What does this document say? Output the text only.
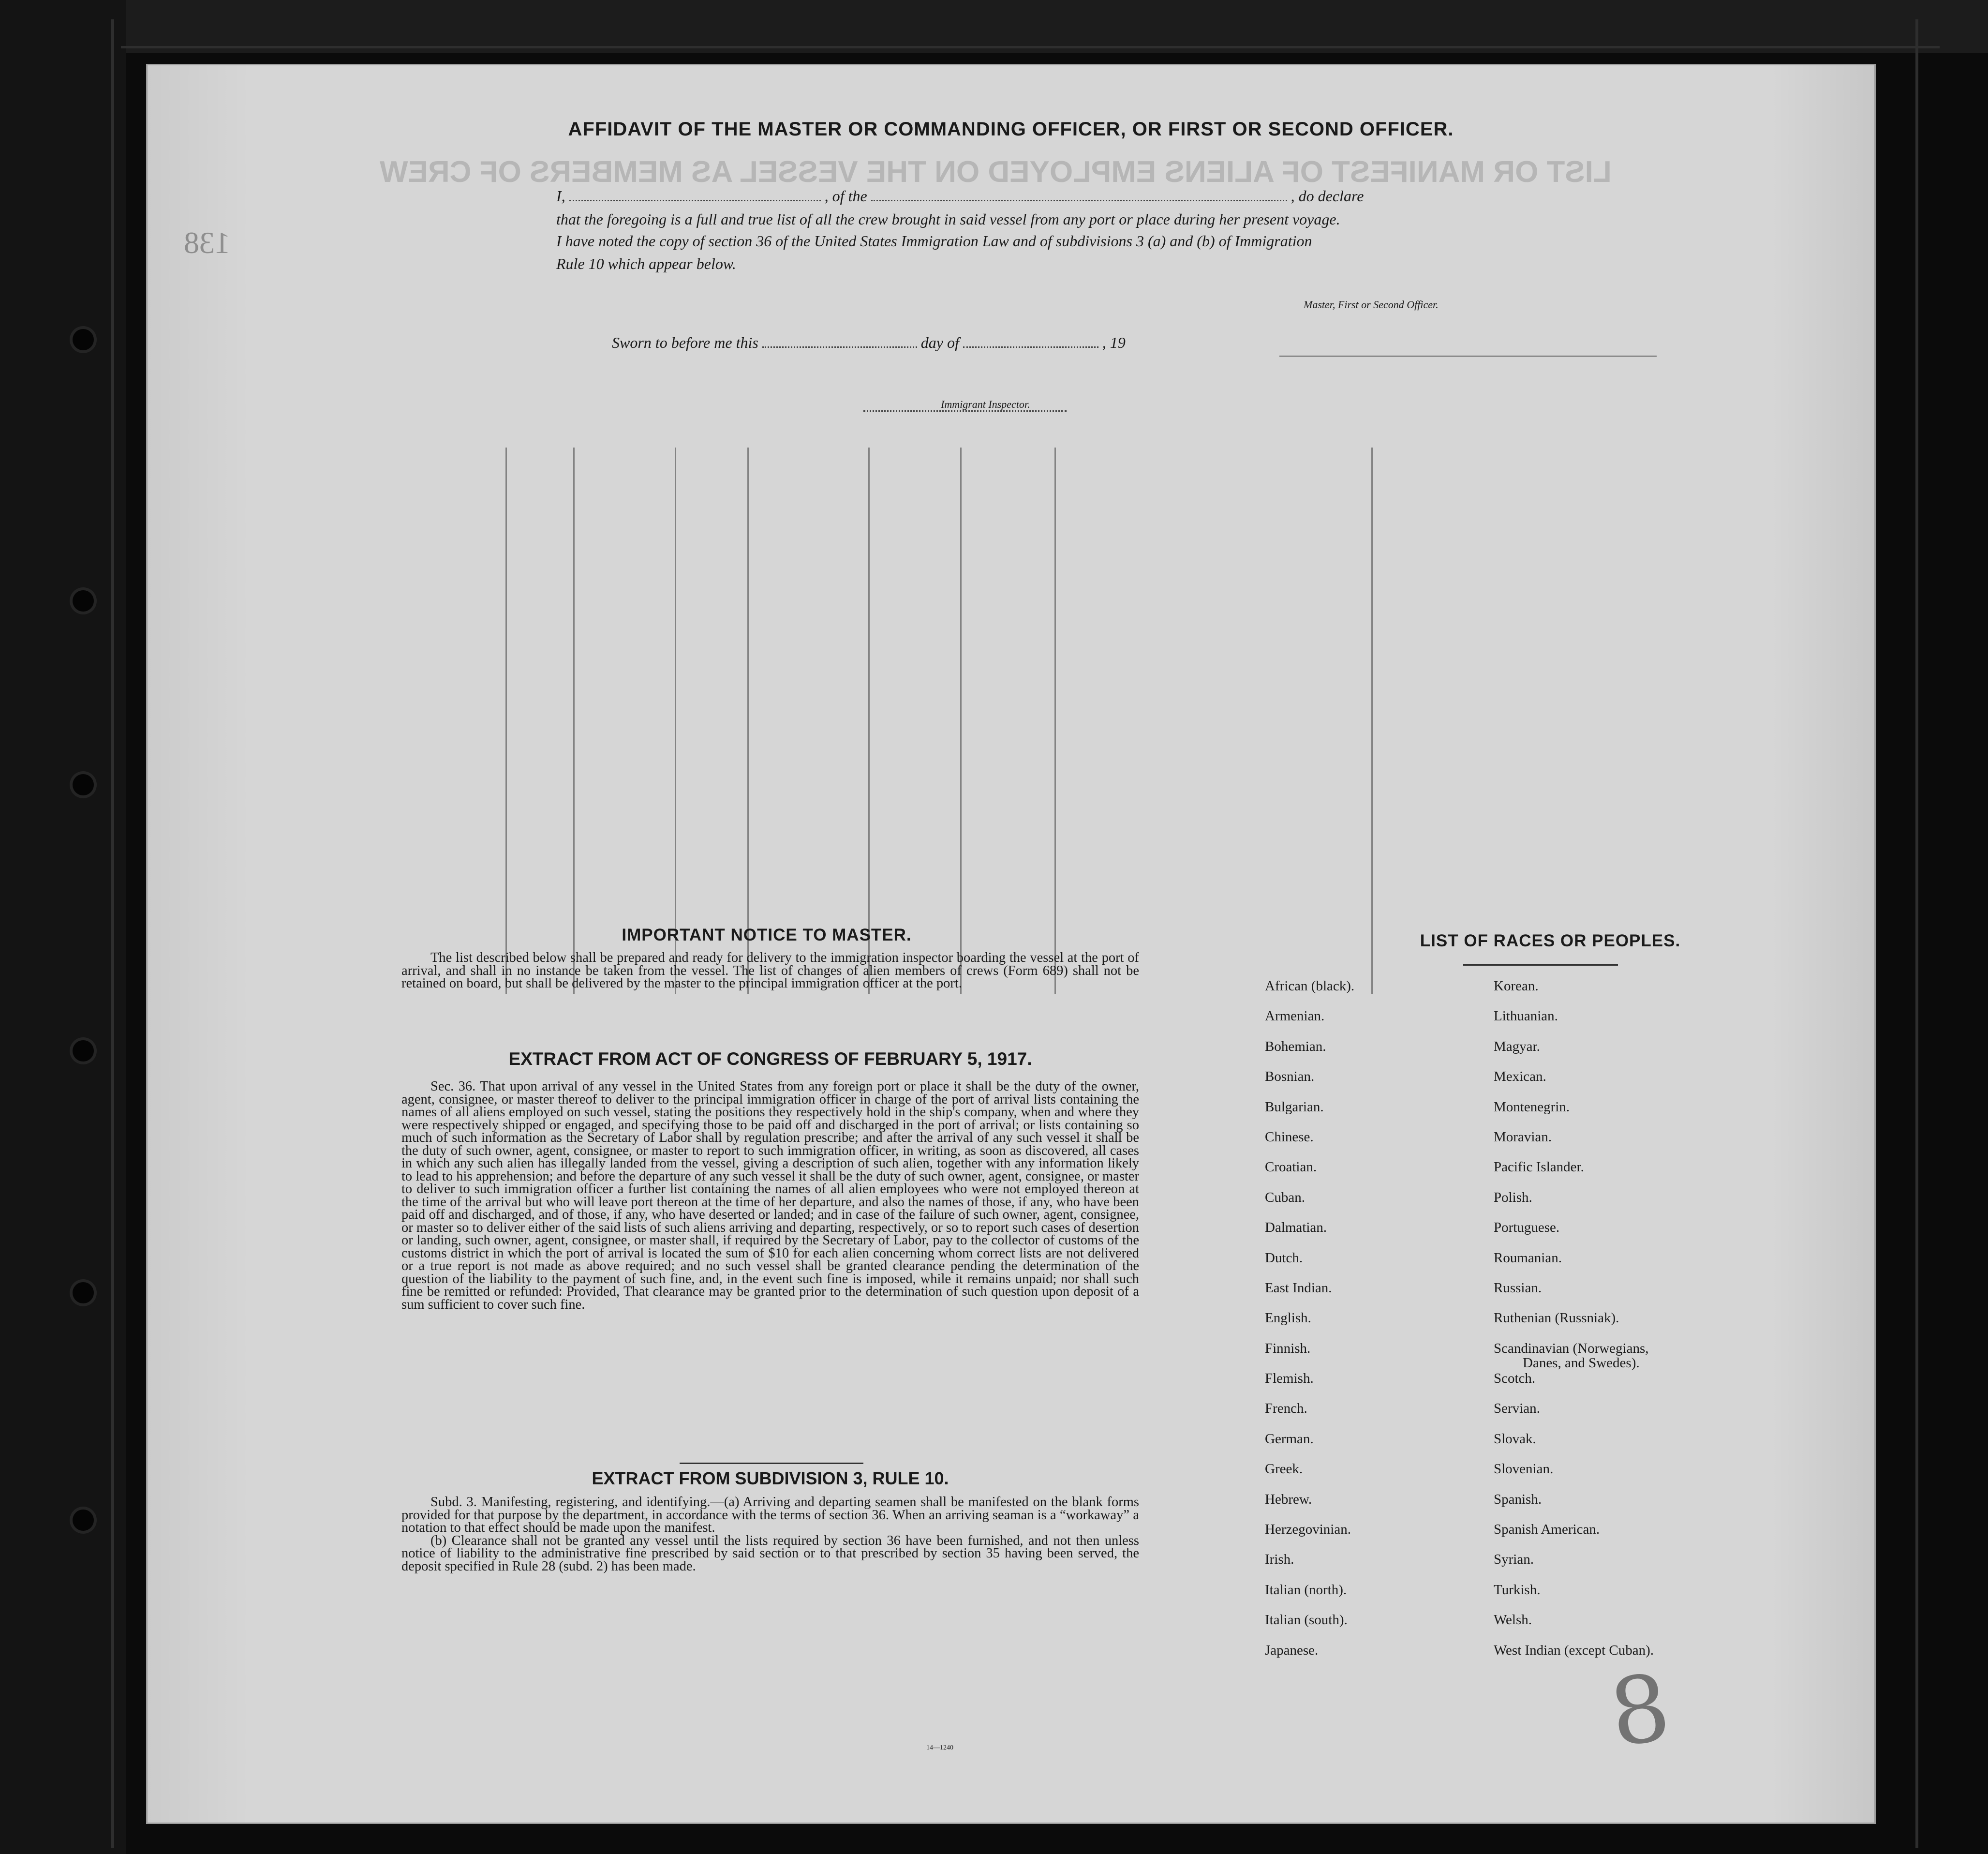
LIST OR MANIFEST OF ALIENS EMPLOYED ON THE VESSEL AS MEMBERS OF CREW
AFFIDAVIT OF THE MASTER OR COMMANDING OFFICER, OR FIRST OR SECOND OFFICER.
I,	, of the	, do declare
that the foregoing is a full and true list of all the crew brought in said vessel from any port or place during her present voyage.
I have noted the copy of section 36 of the United States Immigration Law and of subdivisions 3 (a) and (b) of Immigration
Rule 10 which appear below.
Master, First or Second Officer.
Sworn to before me this	day of	, 19
Immigrant Inspector.
IMPORTANT NOTICE TO MASTER.

The list described below shall be prepared and ready for delivery to the immigration inspector boarding the vessel at the port of arrival, and shall in no instance be taken from the vessel. The list of changes of alien members of crews (Form 689) shall not be retained on board, but shall be delivered by the master to the principal immigration officer at the port.

EXTRACT FROM ACT OF CONGRESS OF FEBRUARY 5, 1917.

Sec. 36. That upon arrival of any vessel in the United States from any foreign port or place it shall be the duty of the owner, agent, consignee, or master thereof to deliver to the principal immigration officer in charge of the port of arrival lists containing the names of all aliens employed on such vessel, stating the positions they respectively hold in the ship's company, when and where they were respectively shipped or engaged, and specifying those to be paid off and discharged in the port of arrival; or lists containing so much of such information as the Secretary of Labor shall by regulation prescribe; and after the arrival of any such vessel it shall be the duty of such owner, agent, consignee, or master to report to such immigration officer, in writing, as soon as discovered, all cases in which any such alien has illegally landed from the vessel, giving a description of such alien, together with any information likely to lead to his apprehension; and before the departure of any such vessel it shall be the duty of such owner, agent, consignee, or master to deliver to such immigration officer a further list containing the names of all alien employees who were not employed thereon at the time of the arrival but who will leave port thereon at the time of her departure, and also the names of those, if any, who have been paid off and discharged, and of those, if any, who have deserted or landed; and in case of the failure of such owner, agent, consignee, or master so to deliver either of the said lists of such aliens arriving and departing, respectively, or so to report such cases of desertion or landing, such owner, agent, consignee, or master shall, if required by the Secretary of Labor, pay to the collector of customs of the customs district in which the port of arrival is located the sum of $10 for each alien concerning whom correct lists are not delivered or a true report is not made as above required; and no such vessel shall be granted clearance pending the determination of the question of the liability to the payment of such fine, and, in the event such fine is imposed, while it remains unpaid; nor shall such fine be remitted or refunded: Provided, That clearance may be granted prior to the determination of such question upon deposit of a sum sufficient to cover such fine.

EXTRACT FROM SUBDIVISION 3, RULE 10.

Subd. 3. Manifesting, registering, and identifying.—(a) Arriving and departing seamen shall be manifested on the blank forms provided for that purpose by the department, in accordance with the terms of section 36. When an arriving seaman is a “workaway” a notation to that effect should be made upon the manifest.

(b) Clearance shall not be granted any vessel until the lists required by section 36 have been furnished, and not then unless notice of liability to the administrative fine prescribed by said section or to that prescribed by section 35 having been served, the deposit specified in Rule 28 (subd. 2) has been made.

14—1240
LIST OF RACES OR PEOPLES.
African (black).
Armenian.
Bohemian.
Bosnian.
Bulgarian.
Chinese.
Croatian.
Cuban.
Dalmatian.
Dutch.
East Indian.
English.
Finnish.
Flemish.
French.
German.
Greek.
Hebrew.
Herzegovinian.
Irish.
Italian (north).
Italian (south).
Japanese.
Korean.
Lithuanian.
Magyar.
Mexican.
Montenegrin.
Moravian.
Pacific Islander.
Polish.
Portuguese.
Roumanian.
Russian.
Ruthenian (Russniak).
Scandinavian (Norwegians,
Danes, and Swedes).
Scotch.
Servian.
Slovak.
Slovenian.
Spanish.
Spanish American.
Syrian.
Turkish.
Welsh.
West Indian (except Cuban).
8
138
